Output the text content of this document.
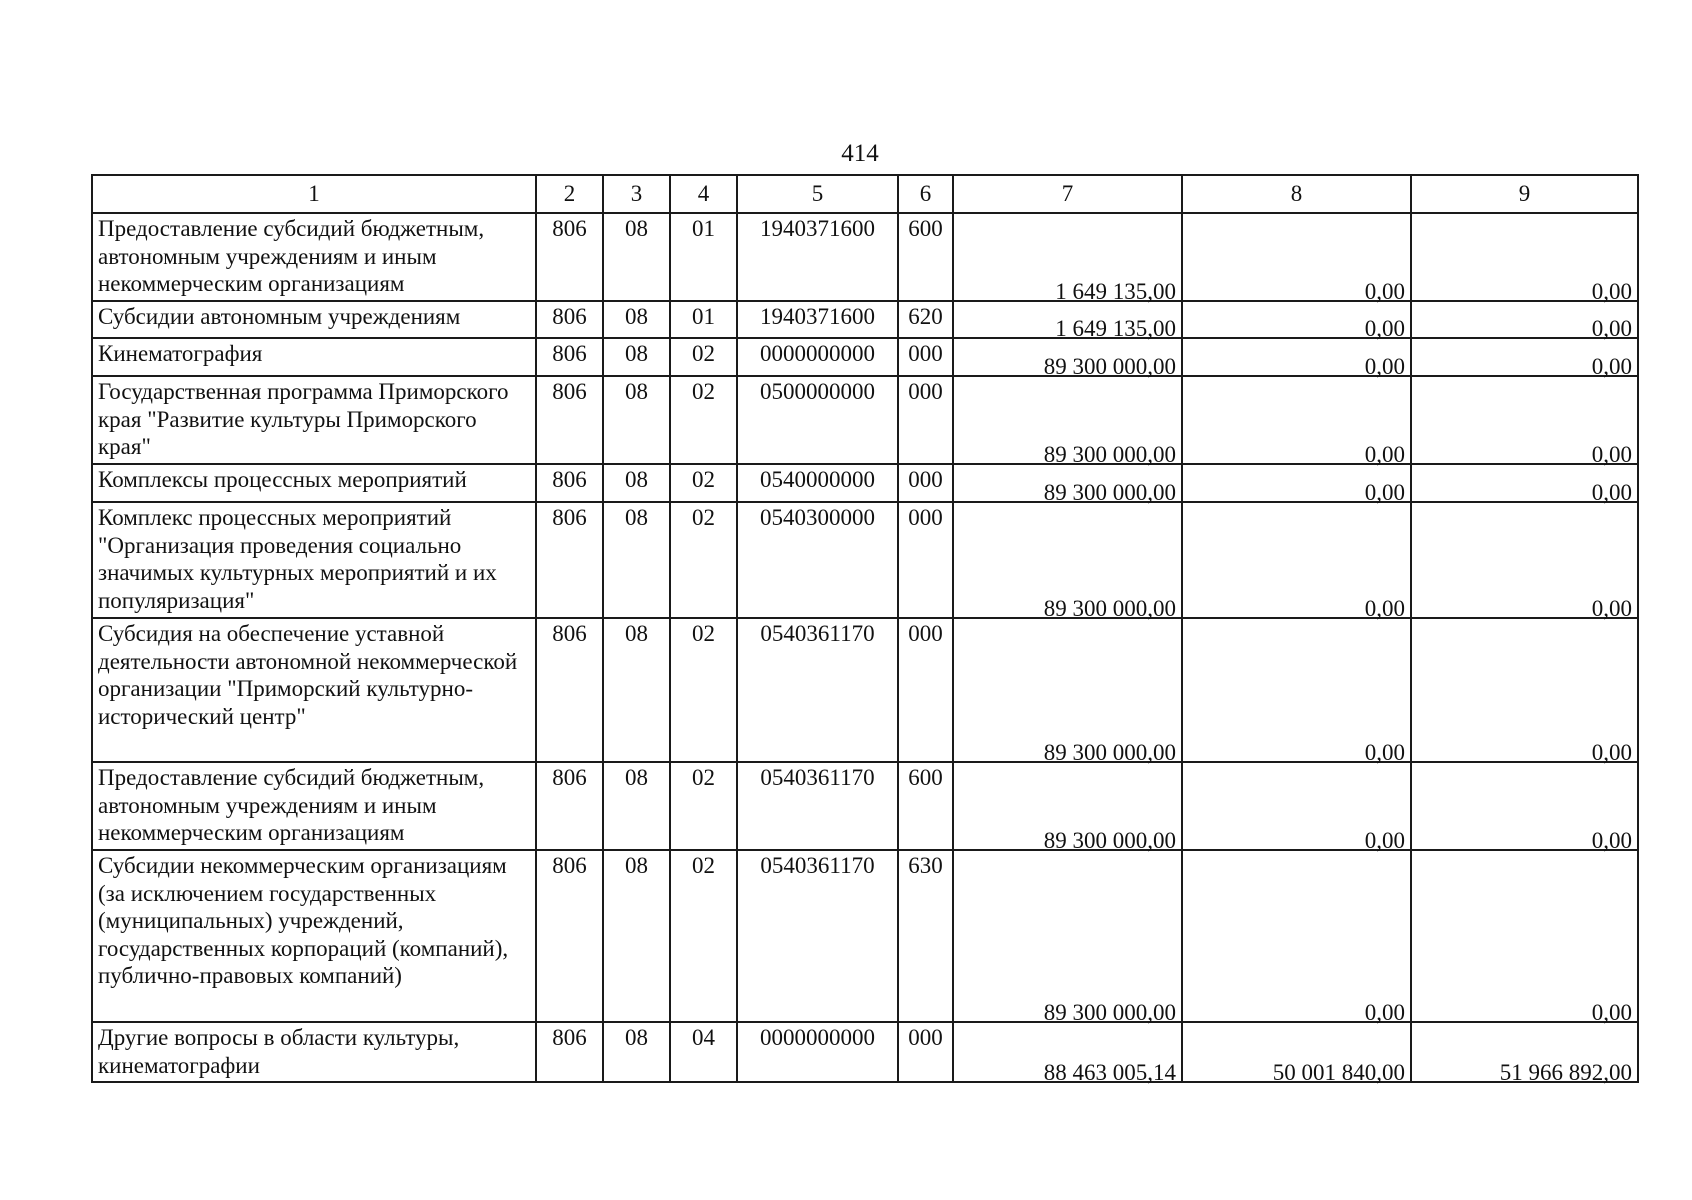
414
1	2	3	4	5	6	7	8	9
Предоставление субсидий бюджетным, автономным учреждениям и иным некоммерческим организациям	806	08	01	1940371600	600	1 649 135,00	0,00	0,00
Субсидии автономным учреждениям	806	08	01	1940371600	620	1 649 135,00	0,00	0,00
Кинематография	806	08	02	0000000000	000	89 300 000,00	0,00	0,00
Государственная программа Приморского края "Развитие культуры Приморского края"	806	08	02	0500000000	000	89 300 000,00	0,00	0,00
Комплексы процессных мероприятий	806	08	02	0540000000	000	89 300 000,00	0,00	0,00
Комплекс процессных мероприятий "Организация проведения социально значимых культурных мероприятий и их популяризация"	806	08	02	0540300000	000	89 300 000,00	0,00	0,00
Субсидия на обеспечение уставной деятельности автономной некоммерческой организации "Приморский культурно-исторический центр"	806	08	02	0540361170	000	89 300 000,00	0,00	0,00
Предоставление субсидий бюджетным, автономным учреждениям и иным некоммерческим организациям	806	08	02	0540361170	600	89 300 000,00	0,00	0,00
Субсидии некоммерческим организациям (за исключением государственных (муниципальных) учреждений, государственных корпораций (компаний), публично-правовых компаний)	806	08	02	0540361170	630	89 300 000,00	0,00	0,00
Другие вопросы в области культуры, кинематографии	806	08	04	0000000000	000	88 463 005,14	50 001 840,00	51 966 892,00
